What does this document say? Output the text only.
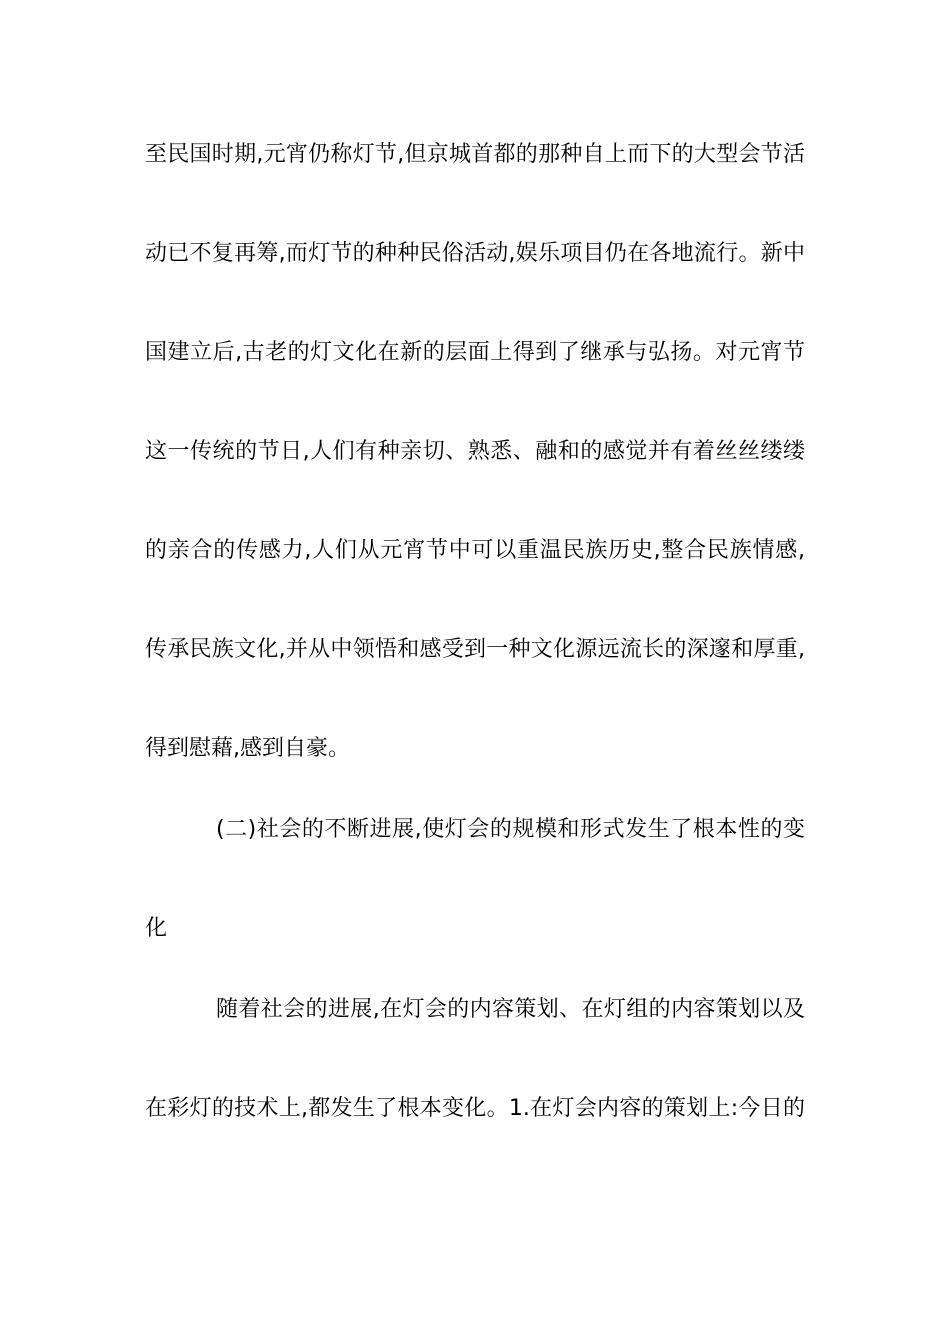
至民国时期,元宵仍称灯节,但京城首都的那种自上而下的大型会节活
动已不复再筹,而灯节的种种民俗活动,娱乐项目仍在各地流行。新中
国建立后,古老的灯文化在新的层面上得到了继承与弘扬。对元宵节
这一传统的节日,人们有种亲切、熟悉、融和的感觉并有着丝丝缕缕
的亲合的传感力,人们从元宵节中可以重温民族历史,整合民族情感,
传承民族文化,并从中领悟和感受到一种文化源远流长的深邃和厚重,
得到慰藉,感到自豪。
(二)社会的不断进展,使灯会的规模和形式发生了根本性的变
化
随着社会的进展,在灯会的内容策划、在灯组的内容策划以及
在彩灯的技术上,都发生了根本变化。1.在灯会内容的策划上:今日的
